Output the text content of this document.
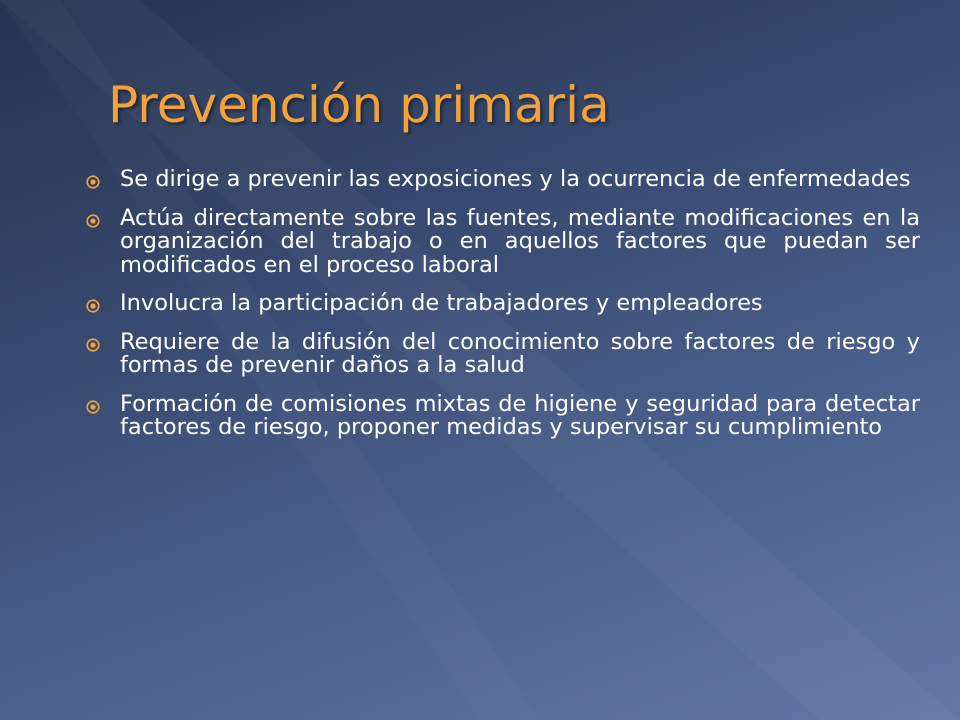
Prevención primaria
Se dirige a prevenir las exposiciones y la ocurrencia de enfermedades
Actúa directamente sobre las fuentes, mediante modificaciones en la organización del trabajo o en aquellos factores que puedan ser modificados en el proceso laboral
Involucra la participación de trabajadores y empleadores
Requiere de la difusión del conocimiento sobre factores de riesgo y formas de prevenir daños a la salud
Formación de comisiones mixtas de higiene y seguridad para detectar factores de riesgo, proponer medidas y supervisar su cumplimiento
